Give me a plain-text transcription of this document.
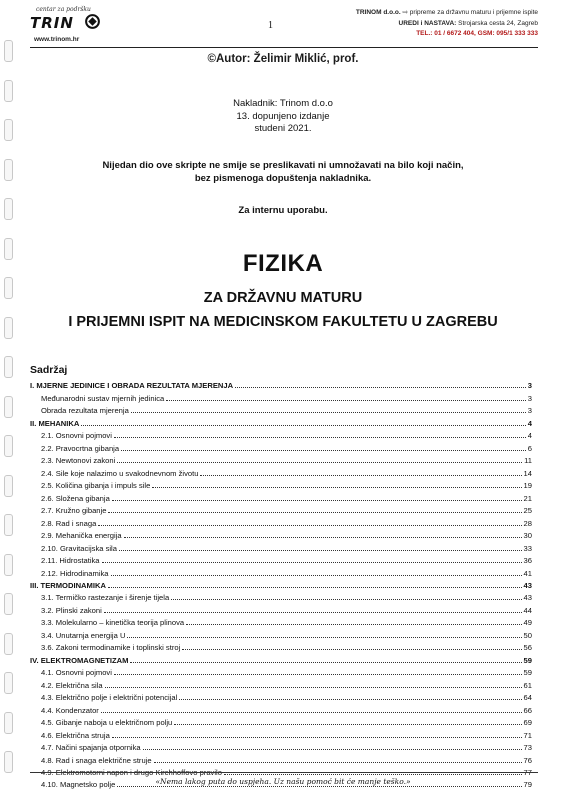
centar za podršku
TRIN
www.trinom.hr
1
TRINOM d.o.o. ⇨ pripreme za državnu maturu i prijemne ispite
UREDI i NASTAVA: Strojarska cesta 24, Zagreb
TEL.: 01 / 6672 404, GSM: 095/1 333 333
©Autor: Želimir Miklić, prof.
Nakladnik: Trinom d.o.o
13. dopunjeno izdanje
studeni 2021.
Nijedan dio ove skripte ne smije se preslikavati ni umnožavati na bilo koji način,
bez pismenoga dopuštenja nakladnika.
Za internu uporabu.
FIZIKA
ZA DRŽAVNU MATURU
I PRIJEMNI ISPIT NA MEDICINSKOM FAKULTETU U ZAGREBU
Sadržaj
I. MJERNE JEDINICE I OBRADA REZULTATA MJERENJA	3
Međunarodni sustav mjernih jedinica	3
Obrada rezultata mjerenja	3
II. MEHANIKA	4
2.1. Osnovni pojmovi	4
2.2. Pravocrtna gibanja	6
2.3. Newtonovi zakoni	11
2.4. Sile koje nalazimo u svakodnevnom životu	14
2.5. Količina gibanja i impuls sile	19
2.6. Složena gibanja	21
2.7. Kružno gibanje	25
2.8. Rad i snaga	28
2.9. Mehanička energija	30
2.10. Gravitacijska sila	33
2.11. Hidrostatika	36
2.12. Hidrodinamika	41
III. TERMODINAMIKA	43
3.1. Termičko rastezanje i širenje tijela	43
3.2. Plinski zakoni	44
3.3. Molekularno – kinetička teorija plinova	49
3.4. Unutarnja energija U	50
3.6. Zakoni termodinamike i toplinski stroj	56
IV. ELEKTROMAGNETIZAM	59
4.1. Osnovni pojmovi	59
4.2. Električna sila	61
4.3. Električno polje i električni potencijal	64
4.4. Kondenzator	66
4.5. Gibanje naboja u električnom polju	69
4.6. Električna struja	71
4.7. Načini spajanja otpornika	73
4.8. Rad i snaga električne struje	76
4.9. Elektromotorni napon i drugo Kirchhoffovo pravilo	77
4.10. Magnetsko polje	79
«Nema lakog puta do uspjeha. Uz našu pomoć bit će manje teško.»
